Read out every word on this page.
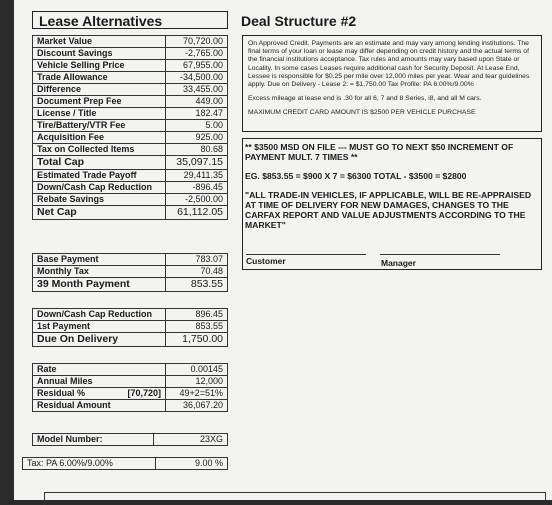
Lease Alternatives	Deal Structure #2
Market Value	70,720.00
Discount Savings	-2,765.00
Vehicle Selling Price	67,955.00
Trade Allowance	-34,500.00
Difference	33,455.00
Document Prep Fee	449.00
License / Title	182.47
Tire/Battery/VTR Fee	5.00
Acquisition Fee	925.00
Tax on Collected Items	80.68
Total Cap	35,097.15
Estimated Trade Payoff	29,411.35
Down/Cash Cap Reduction	-896.45
Rebate Savings	-2,500.00
Net Cap	61,112.05
Base Payment	783.07
Monthly Tax	70.48
39 Month Payment	853.55
Down/Cash Cap Reduction	896.45
1st Payment	853.55
Due On Delivery	1,750.00
Rate	0.00145
Annual Miles	12,000
Residual % [70,720]	49+2=51%
Residual Amount	36,067.20
Model Number:	23XG
Tax: PA 6.00%/9.00%	9.00 %

On Approved Credit. Payments are an estimate and may vary among lending institutions. The final terms of your loan or lease may differ depending on credit history and the actual terms of the financial institutions acceptance. Tax rules and amounts may vary based upon State or Locality. In some cases Leases require additional cash for Security Deposit. At Lease End, Lessee is responsible for $0.25 per mile over 12,000 miles per year. Wear and tear guidelines apply. Due on Delivery - Lease 2: = $1,750.00 Tax Profile: PA 6.00%/9.00%

Excess mileage at lease end is .30 for all 6, 7 and 8 Series, i8, and all M cars.

MAXIMUM CREDIT CARD AMOUNT IS $2500 PER VEHICLE PURCHASE

** $3500 MSD ON FILE --- MUST GO TO NEXT $50 INCREMENT OF PAYMENT MULT. 7 TIMES **

EG. $853.55 = $900 X 7 = $6300 TOTAL - $3500 = $2800

"ALL TRADE-IN VEHICLES, IF APPLICABLE, WILL BE RE-APPRAISED AT TIME OF DELIVERY FOR NEW DAMAGES, CHANGES TO THE CARFAX REPORT AND VALUE ADJUSTMENTS ACCORDING TO THE MARKET"

Customer	Manager
